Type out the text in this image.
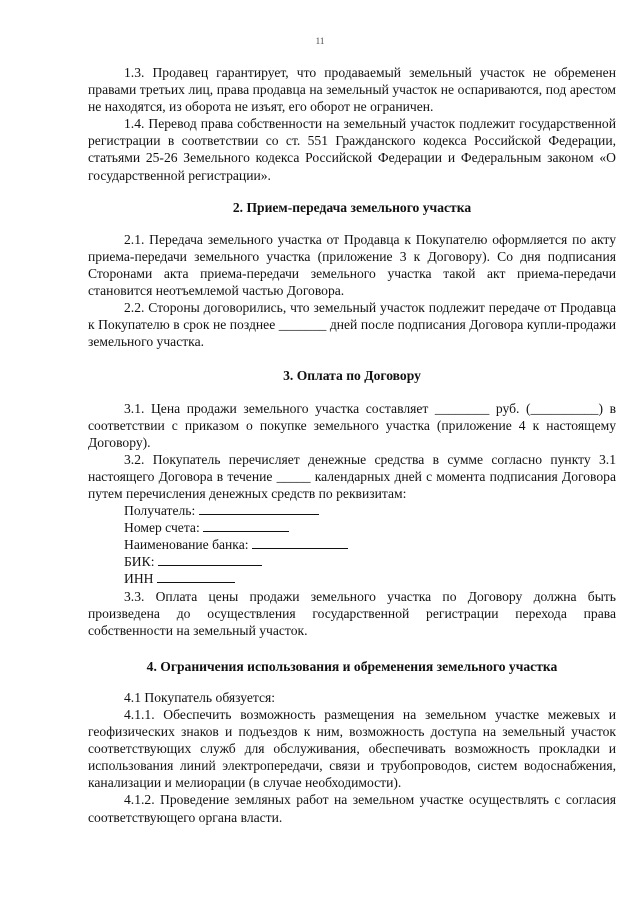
11

1.3. Продавец гарантирует, что продаваемый земельный участок не обременен правами третьих лиц, права продавца на земельный участок не оспариваются, под арестом не находятся, из оборота не изъят, его оборот не ограничен.

1.4. Перевод права собственности на земельный участок подлежит государственной регистрации в соответствии со ст. 551 Гражданского кодекса Российской Федерации, статьями 25-26 Земельного кодекса Российской Федерации и Федеральным законом «О государственной регистрации».

2. Прием-передача земельного участка

2.1. Передача земельного участка от Продавца к Покупателю оформляется по акту приема-передачи земельного участка (приложение 3 к Договору). Со дня подписания Сторонами акта приема-передачи земельного участка такой акт приема-передачи становится неотъемлемой частью Договора.

2.2. Стороны договорились, что земельный участок подлежит передаче от Продавца к Покупателю в срок не позднее _______ дней после подписания Договора купли-продажи земельного участка.

3. Оплата по Договору

3.1. Цена продажи земельного участка составляет ________ руб. (__________) в соответствии с приказом о покупке земельного участка (приложение 4 к настоящему Договору).

3.2. Покупатель перечисляет денежные средства в сумме согласно пункту 3.1 настоящего Договора в течение _____ календарных дней с момента подписания Договора путем перечисления денежных средств по реквизитам:

Получатель:

Номер счета:

Наименование банка:

БИК:

ИНН

3.3. Оплата цены продажи земельного участка по Договору должна быть произведена до осуществления государственной регистрации перехода права собственности на земельный участок.

4. Ограничения использования и обременения земельного участка

4.1 Покупатель обязуется:

4.1.1. Обеспечить возможность размещения на земельном участке межевых и геофизических знаков и подъездов к ним, возможность доступа на земельный участок соответствующих служб для обслуживания, обеспечивать возможность прокладки и использования линий электропередачи, связи и трубопроводов, систем водоснабжения, канализации и мелиорации (в случае необходимости).

4.1.2. Проведение земляных работ на земельном участке осуществлять с согласия соответствующего органа власти.
